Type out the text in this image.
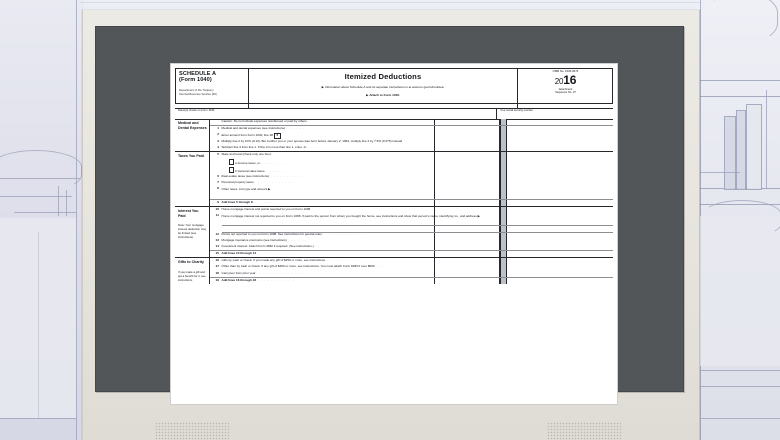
SCHEDULE A
(Form 1040)
Department of the Treasury
Internal Revenue Service (99)
Itemized Deductions
▶ Information about Schedule A and its separate instructions is at www.irs.gov/schedulea.
▶ Attach to Form 1040.
OMB No. 1545-0074
2016
Attachment
Sequence No. 07
Name(s) shown on Form 1040	Your social security number
Medical and Dental Expenses
Caution: Do not include expenses reimbursed or paid by others.
1 Medical and dental expenses (see instructions) . . . . . .
2 Enter amount from Form 1040, line 38 2
3 Multiply line 2 by 10% (0.10). But if either you or your spouse was born before January 2, 1952, multiply line 2 by 7.5% (0.075) instead
4 Subtract line 3 from line 1. If line 3 is more than line 1, enter -0- . . . .
Taxes You Paid
5 State and local (check only one box):
a Income taxes, or . . . . . . . . .
b General sales taxes . . . . . . .
6 Real estate taxes (see instructions) . . . . . . . . . .
7 Personal property taxes . . . . . . . . . . . .
8 Other taxes. List type and amount ▶
9 Add lines 5 through 8 . . . . . . . . . .
Interest You Paid
Note: Your mortgage interest deduction may be limited (see instructions).
10 Home mortgage interest and points reported to you on Form 1098
11 Home mortgage interest not reported to you on Form 1098. If paid to the person from whom you bought the home, see instructions and show that person's name, identifying no., and address ▶
12 Points not reported to you on Form 1098. See instructions for special rules . . . . . . . . . . . .
13 Mortgage insurance premiums (see instructions) . . . . . .
14 Investment interest. Attach Form 4952 if required. (See instructions.) . . .
15 Add lines 10 through 14 . . . . . . . . . . .
Gifts to Charity
If you made a gift and got a benefit for it, see instructions.
16 Gifts by cash or check. If you made any gift of $250 or more, see instructions . . . . . . . . . .
17 Other than by cash or check. If any gift of $250 or more, see instructions. You must attach Form 8283 if over $500 . . . .
18 Carryover from prior year . . . . . . . . . . . . . .
19 Add lines 16 through 18 . . . . . . . . . . .
